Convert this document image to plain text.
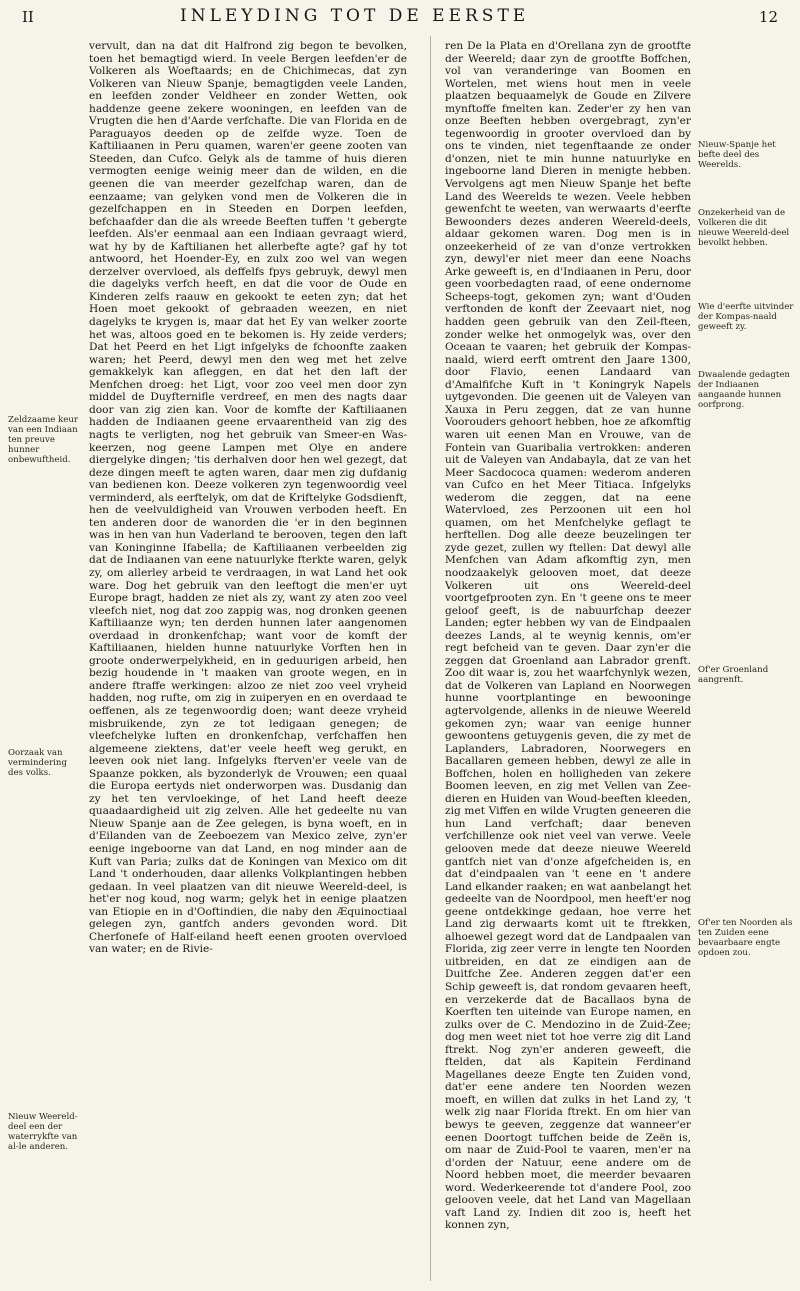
II	INLEYDING TOT DE EERSTE	12
Zeldzaame keur van een Indiaan ten preuve hunner onbewuftheid.
Oorzaak van vermindering des volks.
Nieuw Weereld-deel een der waterrykfte van al-le anderen.

vervult, dan na dat dit Halfrond zig begon te bevolken, toen het bemagtigd wierd. In veele Bergen leefden'er de Volkeren als Woeftaards; en de Chichimecas, dat zyn Volkeren van Nieuw Spanje, bemagtigden veele Landen, en leefden zonder Veldheer en zonder Wetten, ook haddenze geene zekere wooningen, en leefden van de Vrugten die hen d'Aarde verfchafte. Die van Florida en de Paraguayos deeden op de zelfde wyze. Toen de Kaftiliaanen in Peru quamen, waren'er geene zooten van Steeden, dan Cufco. Gelyk als de tamme of huis dieren vermogten eenige weinig meer dan de wilden, en die geenen die van meerder gezelfchap waren, dan de eenzaame; van gelyken vond men de Volkeren die in gezelfchappen en in Steeden en Dorpen leefden, befchaafder dan die als wreede Beeften tuffen 't gebergte leefden. Als'er eenmaal aan een Indiaan gevraagt wierd, wat hy by de Kaftilianen het allerbefte agte? gaf hy tot antwoord, het Hoender-Ey, en zulx zoo wel van wegen derzelver overvloed, als deffelfs fpys gebruyk, dewyl men die dagelyks verfch heeft, en dat die voor de Oude en Kinderen zelfs raauw en gekookt te eeten zyn; dat het Hoen moet gekookt of gebraaden weezen, en niet dagelyks te krygen is, maar dat het Ey van welker zoorte het was, altoos goed en te bekomen is. Hy zeide verders; Dat het Peerd en het Ligt infgelyks de fchoonfte zaaken waren; het Peerd, dewyl men den weg met het zelve gemakkelyk kan afleggen, en dat het den laft der Menfchen droeg: het Ligt, voor zoo veel men door zyn middel de Duyfternifle verdreef, en men des nagts daar door van zig zien kan. Voor de komfte der Kaftiliaanen hadden de Indiaanen geene ervaarentheid van zig des nagts te verligten, nog het gebruik van Smeer-en Was-keerzen, nog geene Lampen met Olye en andere diergelyke dingen; 'tis derhalven door hen wel gezegt, dat deze dingen meeft te agten waren, daar men zig dufdanig van bedienen kon. Deeze volkeren zyn tegenwoordig veel verminderd, als eerftelyk, om dat de Kriftelyke Godsdienft, hen de veelvuldigheid van Vrouwen verboden heeft. En ten anderen door de wanorden die 'er in den beginnen was in hen van hun Vaderland te berooven, tegen den laft van Koninginne Ifabella; de Kaftiliaanen verbeelden zig dat de Indiaanen van eene natuurlyke fterkte waren, gelyk zy, om allerley arbeid te verdraagen, in wat Land het ook ware. Dog het gebruik van den leeftogt die men'er uyt Europe bragt, hadden ze niet als zy, want zy aten zoo veel vleefch niet, nog dat zoo zappig was, nog dronken geenen Kaftiliaanze wyn; ten derden hunnen later aangenomen overdaad in dronkenfchap; want voor de komft der Kaftiliaanen, hielden hunne natuurlyke Vorften hen in groote onderwerpelykheid, en in geduurigen arbeid, hen bezig houdende in 't maaken van groote wegen, en in andere ftraffe werkingen: alzoo ze niet zoo veel vryheid hadden, nog rufte, om zig in zuiperyen en en overdaad te oeffenen, als ze tegenwoordig doen; want deeze vryheid misbruikende, zyn ze tot ledigaan genegen; de vleefchelyke luften en dronkenfchap, verfchaffen hen algemeene ziektens, dat'er veele heeft weg gerukt, en leeven ook niet lang. Infgelyks fterven'er veele van de Spaanze pokken, als byzonderlyk de Vrouwen; een quaal die Europa eertyds niet onderworpen was. Dusdanig dan zy het ten vervloekinge, of het Land heeft deeze quaadaardigheid uit zig zelven. Alle het gedeelte nu van Nieuw Spanje aan de Zee gelegen, is byna woeft, en in d'Eilanden van de Zeeboezem van Mexico zelve, zyn'er eenige ingeboorne van dat Land, en nog minder aan de Kuft van Paria; zulks dat de Koningen van Mexico om dit Land 't onderhouden, daar allenks Volkplantingen hebben gedaan. In veel plaatzen van dit nieuwe Weereld-deel, is het'er nog koud, nog warm; gelyk het in eenige plaatzen van Etiopie en in d'Ooftindien, die naby den Æquinoctiaal gelegen zyn, gantfch anders gevonden word. Dit Cherfonefe of Half-eiland heeft eenen grooten overvloed van water; en de Rivie-

ren De la Plata en d'Orellana zyn de grootfte der Weereld; daar zyn de grootfte Boffchen, vol van veranderinge van Boomen en Wortelen, met wiens hout men in veele plaatzen bequaamelyk de Goude en Zilvere mynftoffe fmelten kan. Zeder'er zy hen van onze Beeften hebben overgebragt, zyn'er tegenwoordig in grooter overvloed dan by ons te vinden, niet tegenftaande ze onder d'onzen, niet te min hunne natuurlyke en ingeboorne land Dieren in menigte hebben. Vervolgens agt men Nieuw Spanje het befte Land des Weerelds te wezen. Veele hebben gewenfcht te weeten, van werwaarts d'eerfte Bewoonders dezes anderen Weereld-deels, aldaar gekomen waren. Dog men is in onzeekerheid of ze van d'onze vertrokken zyn, dewyl'er niet meer dan eene Noachs Arke geweeft is, en d'Indiaanen in Peru, door geen voorbedagten raad, of eene ondernome Scheeps-togt, gekomen zyn; want d'Ouden verftonden de konft der Zeevaart niet, nog hadden geen gebruik van den Zeil-fteen, zonder welke het onmogelyk was, over den Oceaan te vaaren; het gebruik der Kompas-naald, wierd eerft omtrent den Jaare 1300, door Flavio, eenen Landaard van d'Amalfifche Kuft in 't Koningryk Napels uytgevonden. Die geenen uit de Valeyen van Xauxa in Peru zeggen, dat ze van hunne Voorouders gehoort hebben, hoe ze afkomftig waren uit eenen Man en Vrouwe, van de Fontein van Guaribalia vertrokken: anderen uit de Valeyen van Andabayla, dat ze van het Meer Sacdococa quamen: wederom anderen van Cufco en het Meer Titiaca. Infgelyks wederom die zeggen, dat na eene Watervloed, zes Perzoonen uit een hol quamen, om het Menfchelyke geflagt te herftellen. Dog alle deeze beuzelingen ter zyde gezet, zullen wy ftellen: Dat dewyl alle Menfchen van Adam afkomftig zyn, men noodzaakelyk gelooven moet, dat deeze Volkeren uit ons Weereld-deel voortgefprooten zyn. En 't geene ons te meer geloof geeft, is de nabuurfchap deezer Landen; egter hebben wy van de Eindpaalen deezes Lands, al te weynig kennis, om'er regt befcheid van te geven. Daar zyn'er die zeggen dat Groenland aan Labrador grenft. Zoo dit waar is, zou het waarfchynlyk wezen, dat de Volkeren van Lapland en Noorwegen hunne voortplantinge en bewooninge agtervolgende, allenks in de nieuwe Weereld gekomen zyn; waar van eenige hunner gewoontens getuygenis geven, die zy met de Laplanders, Labradoren, Noorwegers en Bacallaren gemeen hebben, dewyl ze alle in Boffchen, holen en holligheden van zekere Boomen leeven, en zig met Vellen van Zee-dieren en Huiden van Woud-beeften kleeden, zig met Viffen en wilde Vrugten geneeren die hun Land verfchaft; daar beneven verfchillenze ook niet veel van verwe. Veele gelooven mede dat deeze nieuwe Weereld gantfch niet van d'onze afgefcheiden is, en dat d'eindpaalen van 't eene en 't andere Land elkander raaken; en wat aanbelangt het gedeelte van de Noordpool, men heeft'er nog geene ontdekkinge gedaan, hoe verre het Land zig derwaarts komt uit te ftrekken, alhoewel gezegt word dat de Landpaalen van Florida, zig zeer verre in lengte ten Noorden uitbreiden, en dat ze eindigen aan de Duitfche Zee. Anderen zeggen dat'er een Schip geweeft is, dat rondom gevaaren heeft, en verzekerde dat de Bacallaos byna de Koerften ten uiteinde van Europe namen, en zulks over de C. Mendozino in de Zuid-Zee; dog men weet niet tot hoe verre zig dit Land ftrekt. Nog zyn'er anderen geweeft, die ftelden, dat als Kapitein Ferdinand Magellanes deeze Engte ten Zuiden vond, dat'er eene andere ten Noorden wezen moeft, en willen dat zulks in het Land zy, 't welk zig naar Florida ftrekt. En om hier van bewys te geeven, zeggenze dat wanneer'er eenen Doortogt tuffchen beide de Zeën is, om naar de Zuid-Pool te vaaren, men'er na d'orden der Natuur, eene andere om de Noord hebben moet, die meerder bevaaren word. Wederkeerende tot d'andere Pool, zoo gelooven veele, dat het Land van Magellaan vaft Land zy. Indien dit zoo is, heeft het konnen zyn,

Nieuw-Spanje het befte deel des Weerelds.
Onzekerheid van de Volkeren die dit nieuwe Weereld-deel bevolkt hebben.
Wie d'eerfte uitvinder der Kompas-naald geweeft zy.
Dwaalende gedagten der Indiaanen aangaande hunnen oorfprong.
Of'er Groenland aangrenft.
Of'er ten Noorden als ten Zuiden eene bevaarbaare engte opdoen zou.
